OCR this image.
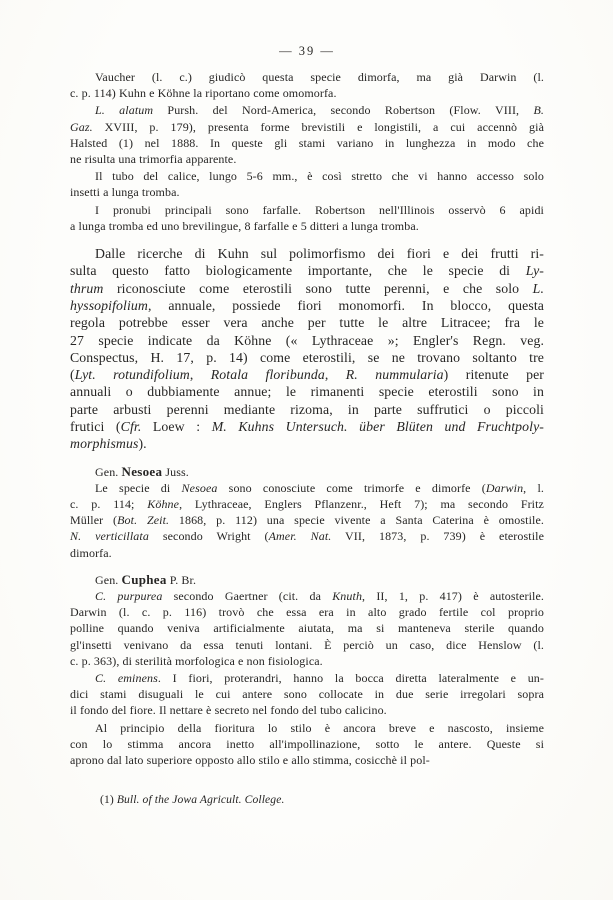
— 39 —

Vaucher (l. c.) giudicò questa specie dimorfa, ma già Darwin (l.
c. p. 114) Kuhn e Köhne la riportano come omomorfa.

L. alatum Pursh. del Nord-America, secondo Robertson (Flow. VIII, B.
Gaz. XVIII, p. 179), presenta forme brevistili e longistili, a cui accennò già
Halsted (1) nel 1888. In queste gli stami variano in lunghezza in modo che
ne risulta una trimorfia apparente.

Il tubo del calice, lungo 5-6 mm., è così stretto che vi hanno accesso solo
insetti a lunga tromba.

I pronubi principali sono farfalle. Robertson nell'Illinois osservò 6 apidi
a lunga tromba ed uno brevilingue, 8 farfalle e 5 ditteri a lunga tromba.

Dalle ricerche di Kuhn sul polimorfismo dei fiori e dei frutti ri-
sulta questo fatto biologicamente importante, che le specie di Ly-
thrum riconosciute come eterostili sono tutte perenni, e che solo L.
hyssopifolium, annuale, possiede fiori monomorfi. In blocco, questa
regola potrebbe esser vera anche per tutte le altre Litracee; fra le
27 specie indicate da Köhne (« Lythraceae »; Engler's Regn. veg.
Conspectus, H. 17, p. 14) come eterostili, se ne trovano soltanto tre
(Lyt. rotundifolium, Rotala floribunda, R. nummularia) ritenute per
annuali o dubbiamente annue; le rimanenti specie eterostili sono in
parte arbusti perenni mediante rizoma, in parte suffrutici o piccoli
frutici (Cfr. Loew : M. Kuhns Untersuch. über Blüten und Fruchtpoly-
morphismus).

Gen. Nesoea Juss.

Le specie di Nesoea sono conosciute come trimorfe e dimorfe (Darwin, l.
c. p. 114; Köhne, Lythraceae, Englers Pflanzenr., Heft 7); ma secondo Fritz
Müller (Bot. Zeit. 1868, p. 112) una specie vivente a Santa Caterina è omostile.
N. verticillata secondo Wright (Amer. Nat. VII, 1873, p. 739) è eterostile
dimorfa.

Gen. Cuphea P. Br.

C. purpurea secondo Gaertner (cit. da Knuth, II, 1, p. 417) è autosterile.
Darwin (l. c. p. 116) trovò che essa era in alto grado fertile col proprio
polline quando veniva artificialmente aiutata, ma si manteneva sterile quando
gl'insetti venivano da essa tenuti lontani. È perciò un caso, dice Henslow (l.
c. p. 363), di sterilità morfologica e non fisiologica.

C. eminens. I fiori, proterandri, hanno la bocca diretta lateralmente e un-
dici stami disuguali le cui antere sono collocate in due serie irregolari sopra
il fondo del fiore. Il nettare è secreto nel fondo del tubo calicino.

Al principio della fioritura lo stilo è ancora breve e nascosto, insieme
con lo stimma ancora inetto all'impollinazione, sotto le antere. Queste si
aprono dal lato superiore opposto allo stilo e allo stimma, cosicchè il pol-

(1) Bull. of the Jowa Agricult. College.
